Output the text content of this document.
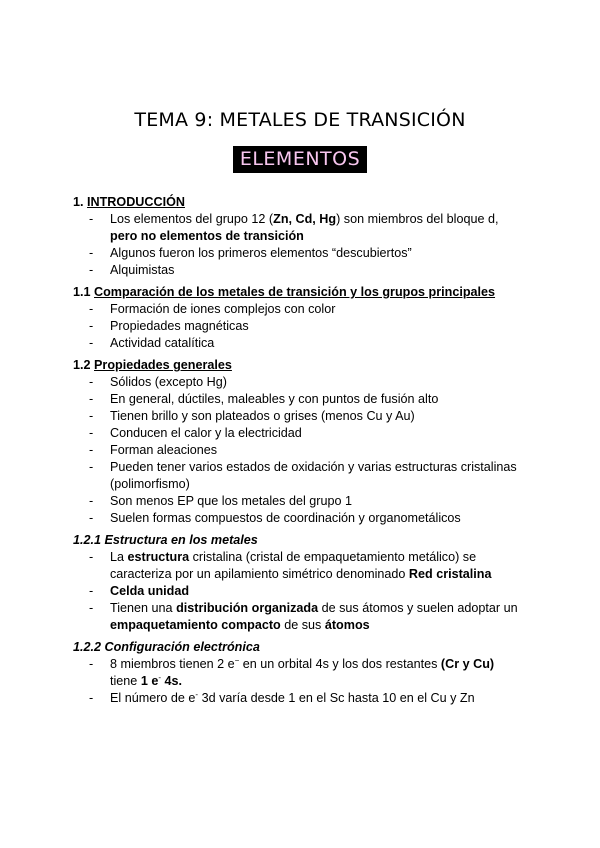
TEMA 9: METALES DE TRANSICIÓN
ELEMENTOS
1. INTRODUCCIÓN
- Los elementos del grupo 12 (Zn, Cd, Hg) son miembros del bloque d, pero no elementos de transición
- Algunos fueron los primeros elementos “descubiertos”
- Alquimistas
1.1 Comparación de los metales de transición y los grupos principales
- Formación de iones complejos con color
- Propiedades magnéticas
- Actividad catalítica
1.2 Propiedades generales
- Sólidos (excepto Hg)
- En general, dúctiles, maleables y con puntos de fusión alto
- Tienen brillo y son plateados o grises (menos Cu y Au)
- Conducen el calor y la electricidad
- Forman aleaciones
- Pueden tener varios estados de oxidación y varias estructuras cristalinas (polimorfismo)
- Son menos EP que los metales del grupo 1
- Suelen formas compuestos de coordinación y organometálicos
1.2.1 Estructura en los metales
- La estructura cristalina (cristal de empaquetamiento metálico) se caracteriza por un apilamiento simétrico denominado Red cristalina
- Celda unidad
- Tienen una distribución organizada de sus átomos y suelen adoptar un empaquetamiento compacto de sus átomos
1.2.2 Configuración electrónica
- 8 miembros tienen 2 e− en un orbital 4s y los dos restantes (Cr y Cu) tiene 1 e- 4s.
- El número de e- 3d varía desde 1 en el Sc hasta 10 en el Cu y Zn
